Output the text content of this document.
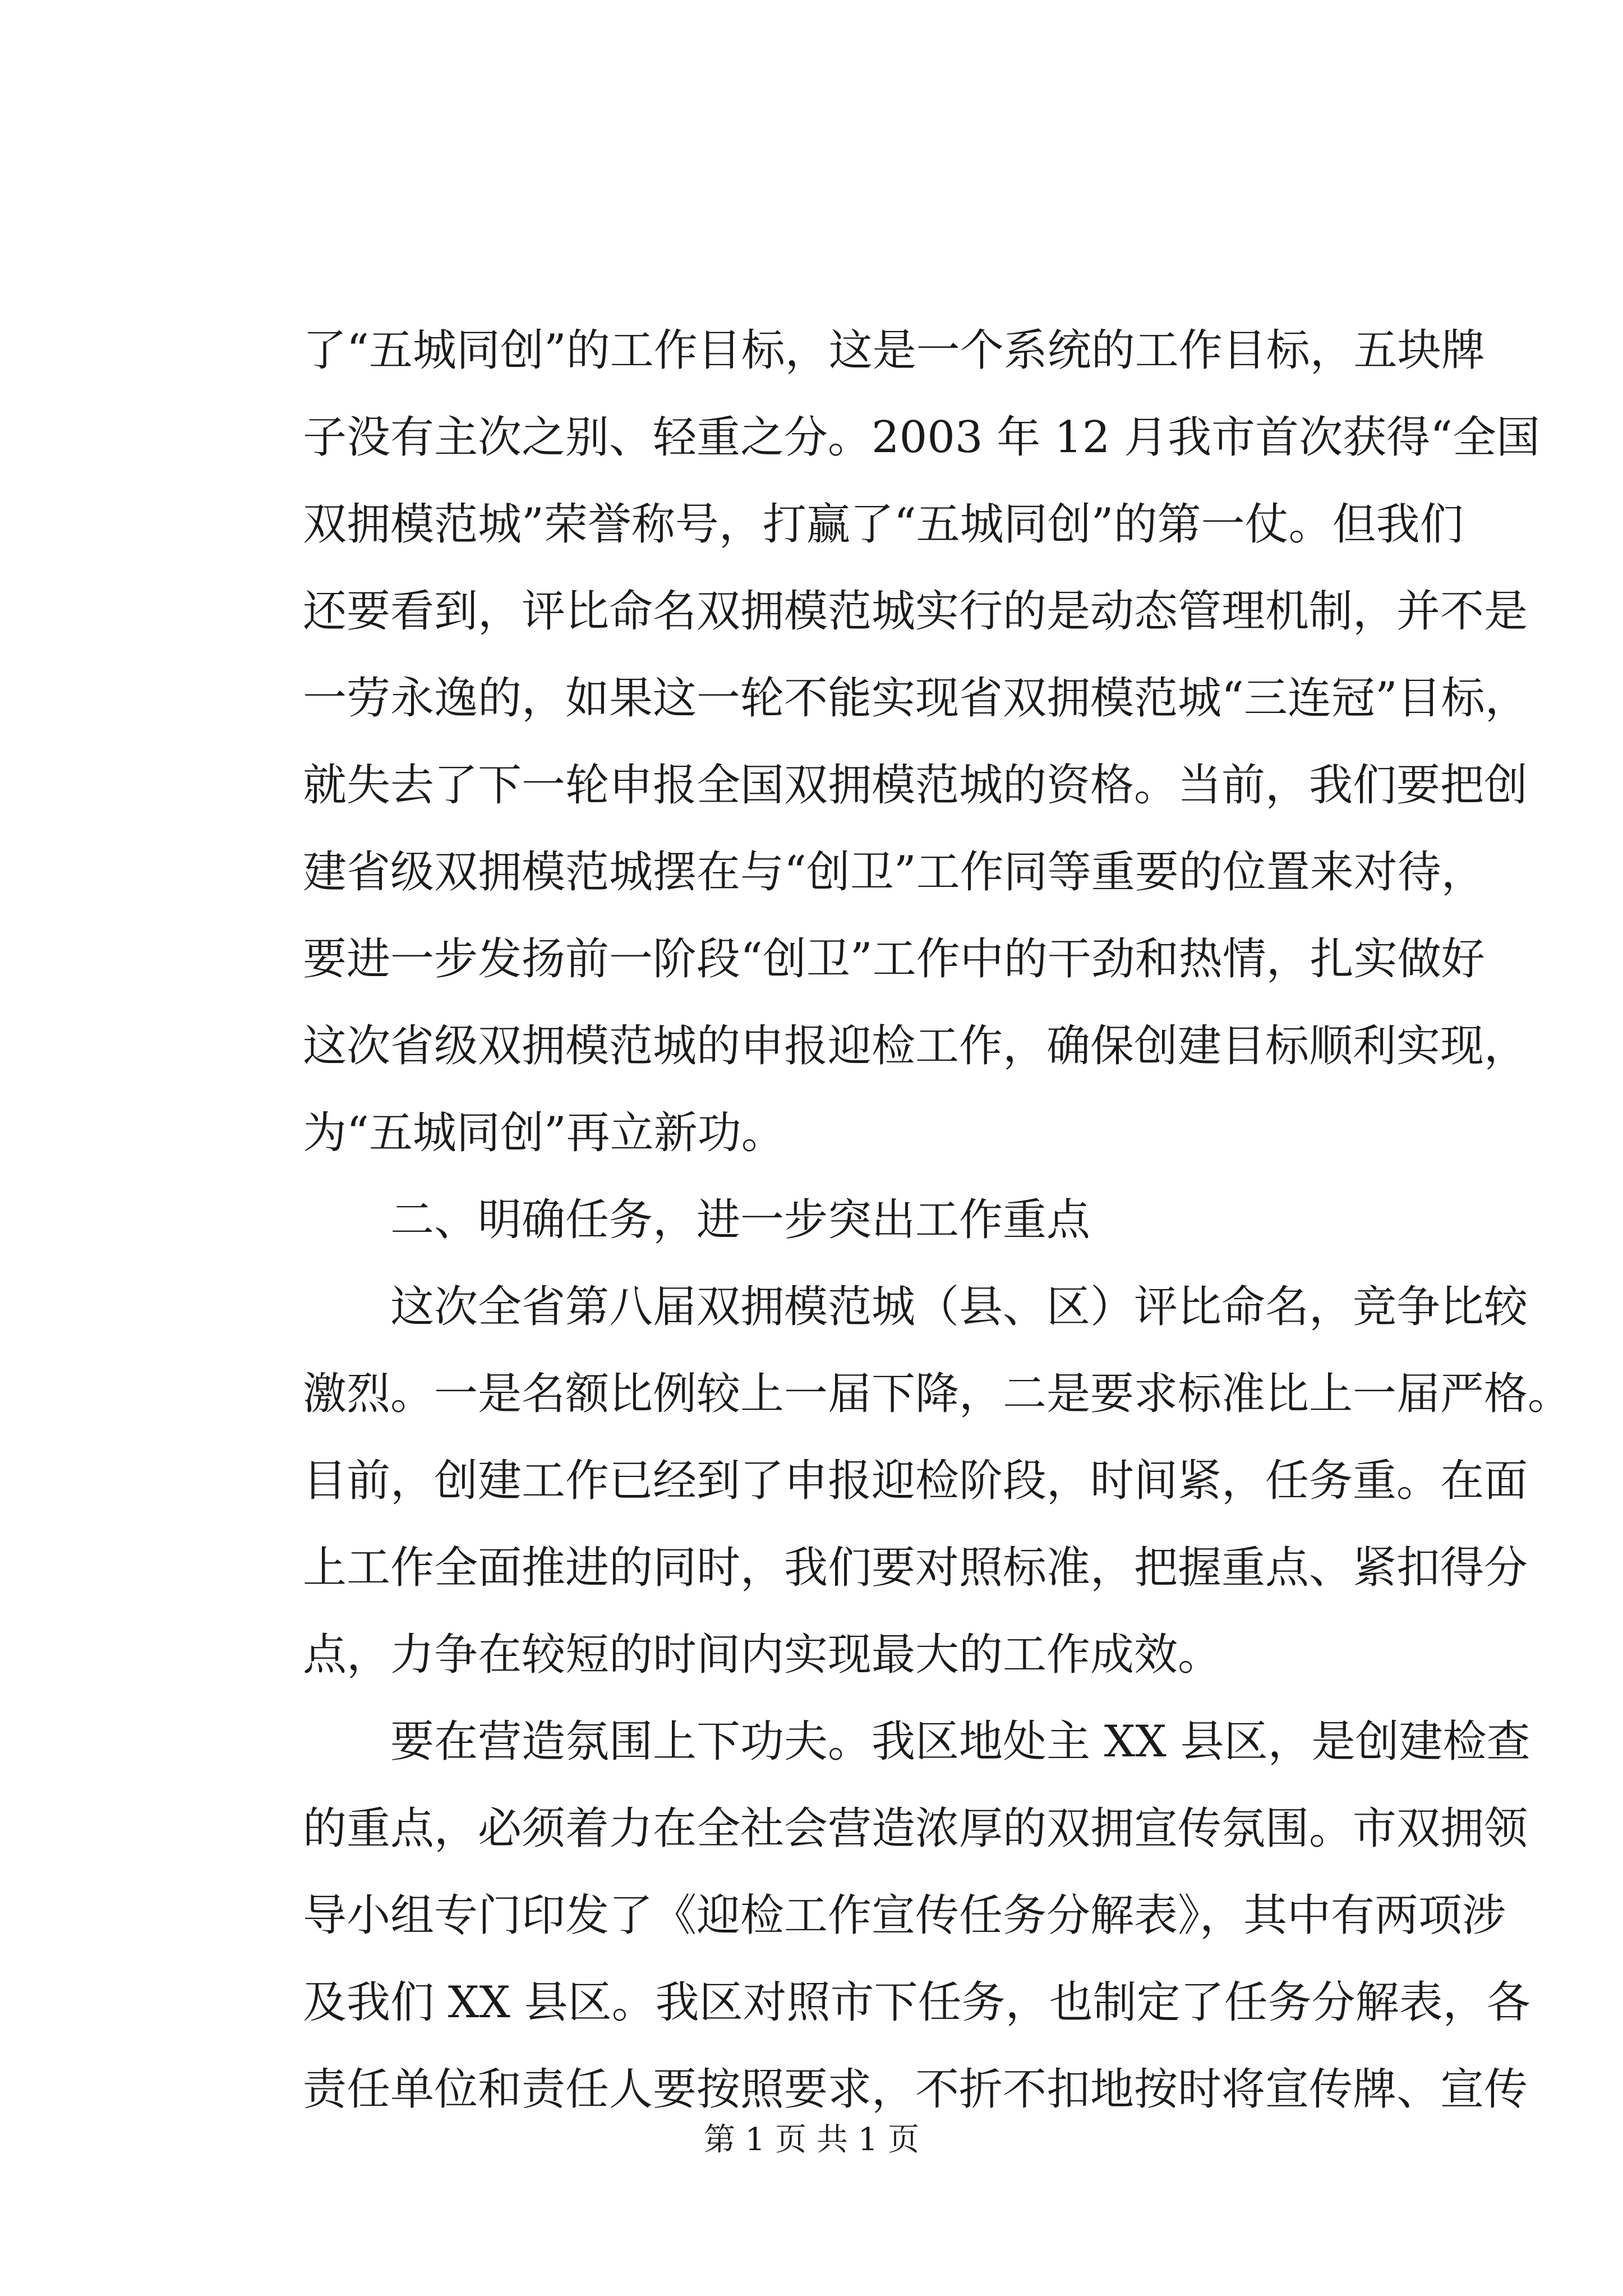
了“五城同创”的工作目标，这是一个系统的工作目标，五块牌
子没有主次之别、轻重之分。2003 年 12 月我市首次获得“全国
双拥模范城”荣誉称号，打赢了“五城同创”的第一仗。但我们
还要看到，评比命名双拥模范城实行的是动态管理机制，并不是
一劳永逸的，如果这一轮不能实现省双拥模范城“三连冠”目标，
就失去了下一轮申报全国双拥模范城的资格。当前，我们要把创
建省级双拥模范城摆在与“创卫”工作同等重要的位置来对待，
要进一步发扬前一阶段“创卫”工作中的干劲和热情，扎实做好
这次省级双拥模范城的申报迎检工作，确保创建目标顺利实现，
为“五城同创”再立新功。
　　二、明确任务，进一步突出工作重点
　　这次全省第八届双拥模范城（县、区）评比命名，竞争比较
激烈。一是名额比例较上一届下降，二是要求标准比上一届严格。
目前，创建工作已经到了申报迎检阶段，时间紧，任务重。在面
上工作全面推进的同时，我们要对照标准，把握重点、紧扣得分
点，力争在较短的时间内实现最大的工作成效。
　　要在营造氛围上下功夫。我区地处主 XX 县区，是创建检查
的重点，必须着力在全社会营造浓厚的双拥宣传氛围。市双拥领
导小组专门印发了《迎检工作宣传任务分解表》，其中有两项涉
及我们 XX 县区。我区对照市下任务，也制定了任务分解表，各
责任单位和责任人要按照要求，不折不扣地按时将宣传牌、宣传
第 1 页 共 1 页
